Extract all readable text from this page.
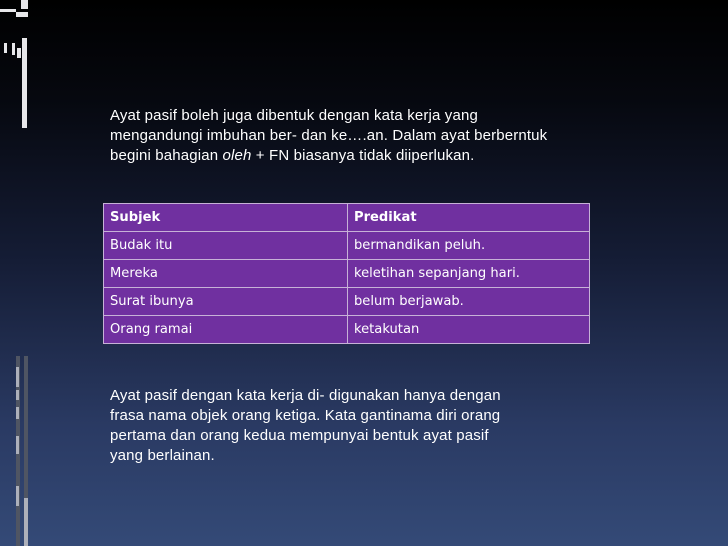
Ayat pasif boleh juga dibentuk dengan kata kerja yang
mengandungi imbuhan ber- dan ke….an. Dalam ayat berberntuk
begini bahagian oleh + FN biasanya tidak diiperlukan.
Subjek	Predikat
Budak itu	bermandikan peluh.
Mereka	keletihan sepanjang hari.
Surat ibunya	belum berjawab.
Orang ramai	ketakutan
Ayat pasif dengan kata kerja di- digunakan hanya dengan
frasa nama objek orang ketiga. Kata gantinama diri orang
pertama dan orang kedua mempunyai bentuk ayat pasif
yang berlainan.
